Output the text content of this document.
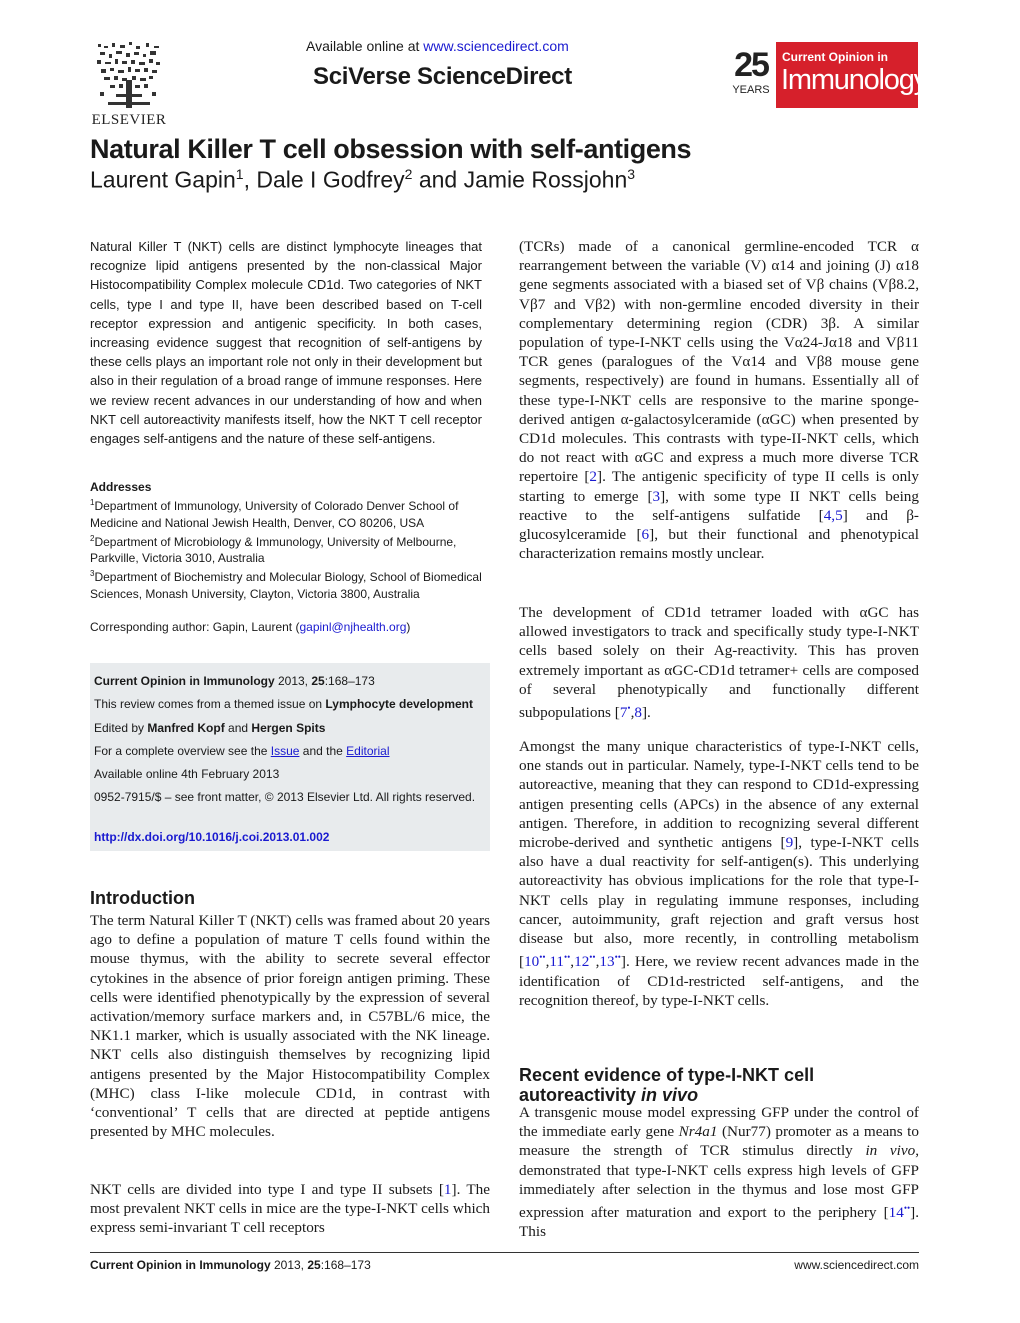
ELSEVIER
Available online at www.sciencedirect.com
SciVerse ScienceDirect	25
YEARS
Current Opinion in
Immunology
Natural Killer T cell obsession with self-antigens
Laurent Gapin$^1$, Dale I Godfrey$^2$ and Jamie Rossjohn$^3$
Natural Killer T (NKT) cells are distinct lymphocyte lineages that recognize lipid antigens presented by the non-classical Major Histocompatibility Complex molecule CD1d. Two categories of NKT cells, type I and type II, have been described based on T-cell receptor expression and antigenic specificity. In both cases, increasing evidence suggest that recognition of self-antigens by these cells plays an important role not only in their development but also in their regulation of a broad range of immune responses. Here we review recent advances in our understanding of how and when NKT cell autoreactivity manifests itself, how the NKT T cell receptor engages self-antigens and the nature of these self-antigens.
Addresses
$^1$Department of Immunology, University of Colorado Denver School of Medicine and National Jewish Health, Denver, CO 80206, USA
$^2$Department of Microbiology & Immunology, University of Melbourne, Parkville, Victoria 3010, Australia
$^3$Department of Biochemistry and Molecular Biology, School of Biomedical Sciences, Monash University, Clayton, Victoria 3800, Australia
Corresponding author: Gapin, Laurent (gapinl@njhealth.org)
Current Opinion in Immunology 2013, 25:168–173
This review comes from a themed issue on Lymphocyte development
Edited by Manfred Kopf and Hergen Spits
For a complete overview see the Issue and the Editorial
Available online 4th February 2013
0952-7915/$ – see front matter, © 2013 Elsevier Ltd. All rights reserved.
http://dx.doi.org/10.1016/j.coi.2013.01.002
Introduction
The term Natural Killer T (NKT) cells was framed about 20 years ago to define a population of mature T cells found within the mouse thymus, with the ability to secrete several effector cytokines in the absence of prior foreign antigen priming. These cells were identified phenotypically by the expression of several activation/memory surface markers and, in C57BL/6 mice, the NK1.1 marker, which is usually associated with the NK lineage. NKT cells also distinguish themselves by recognizing lipid antigens presented by the Major Histocompatibility Complex (MHC) class I-like molecule CD1d, in contrast with ‘conventional’ T cells that are directed at peptide antigens presented by MHC molecules.
NKT cells are divided into type I and type II subsets [1]. The most prevalent NKT cells in mice are the type-I-NKT cells which express semi-invariant T cell receptors
(TCRs) made of a canonical germline-encoded TCR α rearrangement between the variable (V) α14 and joining (J) α18 gene segments associated with a biased set of Vβ chains (Vβ8.2, Vβ7 and Vβ2) with non-germline encoded diversity in their complementary determining region (CDR) 3β. A similar population of type-I-NKT cells using the Vα24-Jα18 and Vβ11 TCR genes (paralogues of the Vα14 and Vβ8 mouse gene segments, respectively) are found in humans. Essentially all of these type-I-NKT cells are responsive to the marine sponge-derived antigen α-galactosylceramide (αGC) when presented by CD1d molecules. This contrasts with type-II-NKT cells, which do not react with αGC and express a much more diverse TCR repertoire [2]. The antigenic specificity of type II cells is only starting to emerge [3], with some type II NKT cells being reactive to the self-antigens sulfatide [4,5] and β-glucosylceramide [6], but their functional and phenotypical characterization remains mostly unclear.
The development of CD1d tetramer loaded with αGC has allowed investigators to track and specifically study type-I-NKT cells based solely on their Ag-reactivity. This has proven extremely important as αGC-CD1d tetramer+ cells are composed of several phenotypically and functionally different subpopulations [7•,8].
Amongst the many unique characteristics of type-I-NKT cells, one stands out in particular. Namely, type-I-NKT cells tend to be autoreactive, meaning that they can respond to CD1d-expressing antigen presenting cells (APCs) in the absence of any external antigen. Therefore, in addition to recognizing several different microbe-derived and synthetic antigens [9], type-I-NKT cells also have a dual reactivity for self-antigen(s). This underlying autoreactivity has obvious implications for the role that type-I-NKT cells play in regulating immune responses, including cancer, autoimmunity, graft rejection and graft versus host disease but also, more recently, in controlling metabolism [10••,11••,12••,13••]. Here, we review recent advances made in the identification of CD1d-restricted self-antigens, and the recognition thereof, by type-I-NKT cells.
Recent evidence of type-I-NKT cell autoreactivity in vivo
A transgenic mouse model expressing GFP under the control of the immediate early gene Nr4a1 (Nur77) promoter as a means to measure the strength of TCR stimulus directly in vivo, demonstrated that type-I-NKT cells express high levels of GFP immediately after selection in the thymus and lose most GFP expression after maturation and export to the periphery [14••]. This
Current Opinion in Immunology 2013, 25:168–173	www.sciencedirect.com
